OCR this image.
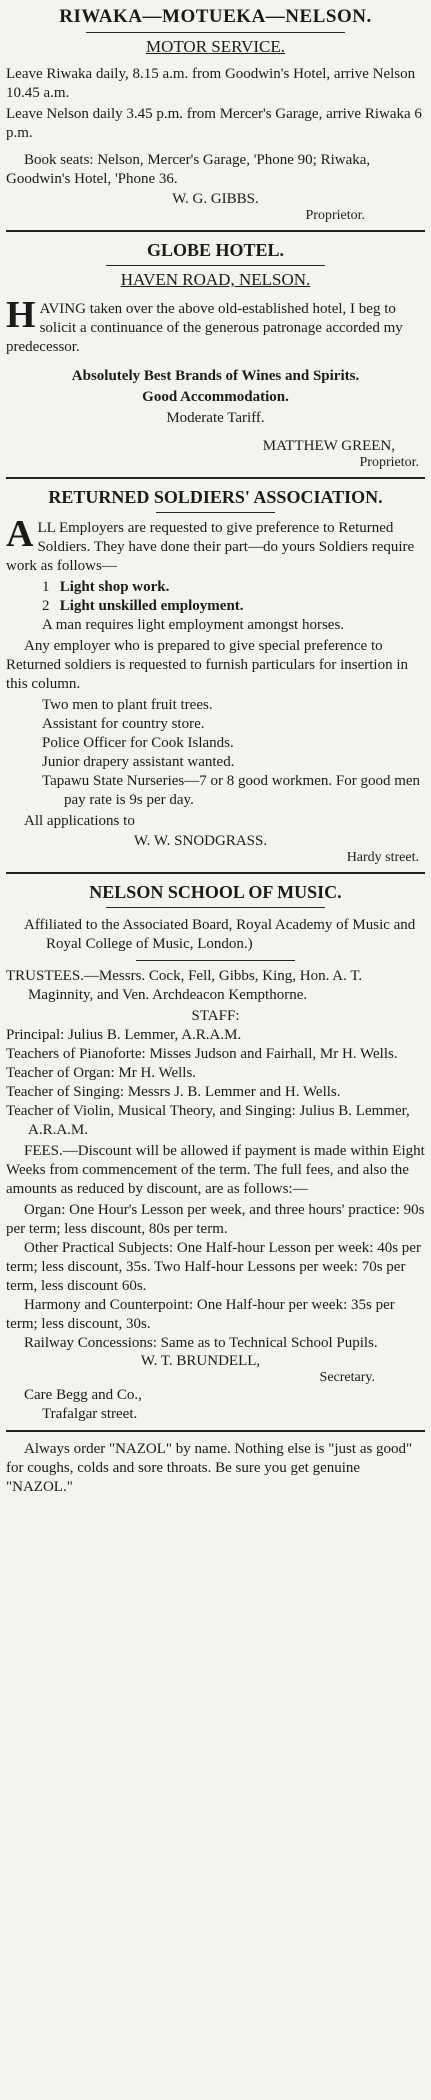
RIWAKA—MOTUEKA—NELSON.
MOTOR SERVICE.

Leave Riwaka daily, 8.15 a.m. from Goodwin's Hotel, arrive Nelson 10.45 a.m.

Leave Nelson daily 3.45 p.m. from Mercer's Garage, arrive Riwaka 6 p.m.

Book seats: Nelson, Mercer's Garage, 'Phone 90; Riwaka, Goodwin's Hotel, 'Phone 36.

W. G. GIBBS.
Proprietor.
GLOBE HOTEL.
HAVEN ROAD, NELSON.

HAVING taken over the above old-established hotel, I beg to solicit a continuance of the generous patronage accorded my predecessor.

Absolutely Best Brands of Wines and Spirits.

Good Accommodation.

Moderate Tariff.

MATTHEW GREEN,
Proprietor.
RETURNED SOLDIERS' ASSOCIATION.

ALL Employers are requested to give preference to Returned Soldiers. They have done their part—do yours Soldiers require work as follows—

1 Light shop work.
2 Light unskilled employment.
A man requires light employment amongst horses.

Any employer who is prepared to give special preference to Returned soldiers is requested to furnish particulars for insertion in this column.

Two men to plant fruit trees.
Assistant for country store.
Police Officer for Cook Islands.
Junior drapery assistant wanted.
Tapawu State Nurseries—7 or 8 good workmen. For good men pay rate is 9s per day.

All applications to

W. W. SNODGRASS.
Hardy street.
NELSON SCHOOL OF MUSIC.

Affiliated to the Associated Board, Royal Academy of Music and Royal College of Music, London.)

TRUSTEES.—Messrs. Cock, Fell, Gibbs, King, Hon. A. T. Maginnity, and Ven. Archdeacon Kempthorne.

STAFF:

Principal: Julius B. Lemmer, A.R.A.M.

Teachers of Pianoforte: Misses Judson and Fairhall, Mr H. Wells.

Teacher of Organ: Mr H. Wells.

Teacher of Singing: Messrs J. B. Lemmer and H. Wells.

Teacher of Violin, Musical Theory, and Singing: Julius B. Lemmer, A.R.A.M.

FEES.—Discount will be allowed if payment is made within Eight Weeks from commencement of the term. The full fees, and also the amounts as reduced by discount, are as follows:—

Organ: One Hour's Lesson per week, and three hours' practice: 90s per term; less discount, 80s per term.

Other Practical Subjects: One Half-hour Lesson per week: 40s per term; less discount, 35s. Two Half-hour Lessons per week: 70s per term, less discount 60s.

Harmony and Counterpoint: One Half-hour per week: 35s per term; less discount, 30s.

Railway Concessions: Same as to Technical School Pupils.

W. T. BRUNDELL,
Secretary.
Care Begg and Co.,
Trafalgar street.

Always order "NAZOL" by name. Nothing else is "just as good" for coughs, colds and sore throats. Be sure you get genuine "NAZOL."
